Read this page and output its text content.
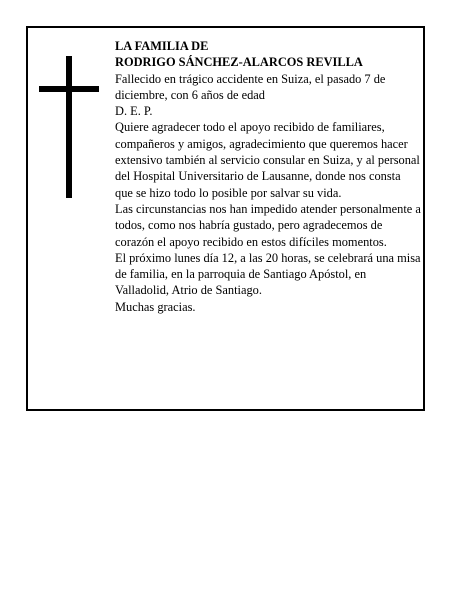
LA FAMILIA DE

RODRIGO SÁNCHEZ-ALARCOS REVILLA

Fallecido en trágico accidente en Suiza, el pasado 7 de diciembre, con 6 años de edad

D. E. P.

Quiere agradecer todo el apoyo recibido de familiares, compañeros y amigos, agradecimiento que queremos hacer extensivo también al servicio consular en Suiza, y al personal del Hospital Universitario de Lausanne, donde nos consta que se hizo todo lo posible por salvar su vida.

Las circunstancias nos han impedido atender personalmente a todos, como nos habría gustado, pero agradecemos de corazón el apoyo recibido en estos difíciles momentos.

El próximo lunes día 12, a las 20 horas, se celebrará una misa de familia, en la parroquia de Santiago Apóstol, en Valladolid, Atrio de Santiago.

Muchas gracias.
